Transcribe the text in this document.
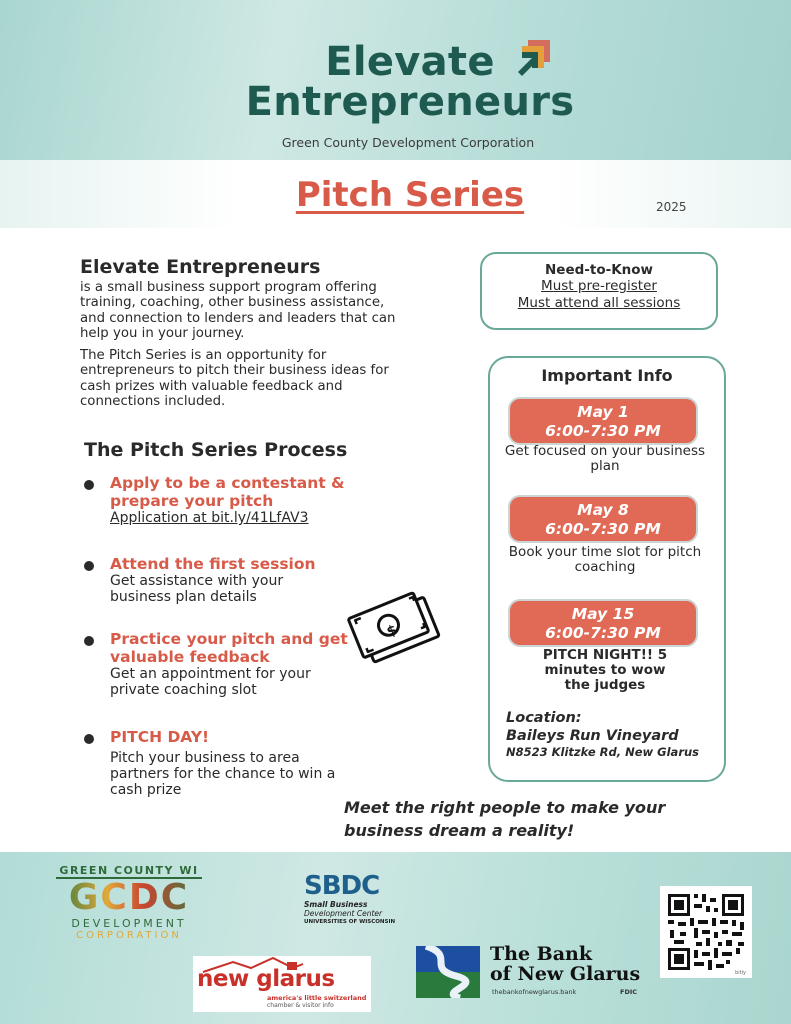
Elevate
Entrepreneurs
Green County Development Corporation
Pitch Series	2025
Elevate Entrepreneurs
is a small business support program offering training, coaching, other business assistance, and connection to lenders and leaders that can help you in your journey.
The Pitch Series is an opportunity for entrepreneurs to pitch their business ideas for cash prizes with valuable feedback and connections included.
The Pitch Series Process
Apply to be a contestant & prepare your pitch
Application at bit.ly/41LfAV3
Attend the first session
Get assistance with your business plan details
Practice your pitch and get valuable feedback
Get an appointment for your private coaching slot
PITCH DAY!
Pitch your business to area partners for the chance to win a cash prize
$
Need-to-Know
Must pre-register
Must attend all sessions
Important Info
May 1
6:00-7:30 PM
Get focused on your business plan
May 8
6:00-7:30 PM
Book your time slot for pitch coaching
May 15
6:00-7:30 PM
PITCH NIGHT!! 5 minutes to wow the judges
Location:
Baileys Run Vineyard
N8523 Klitzke Rd, New Glarus
Meet the right people to make your business dream a reality!
GREEN COUNTY WI
GCDC
DEVELOPMENT
CORPORATION
SBDC
Small Business
Development Center
UNIVERSITIES OF WISCONSIN
new glarus
america's little switzerland
chamber & visitor info
The Bank
of New Glarus
thebankofnewglarus.bank	FDIC
bitly
